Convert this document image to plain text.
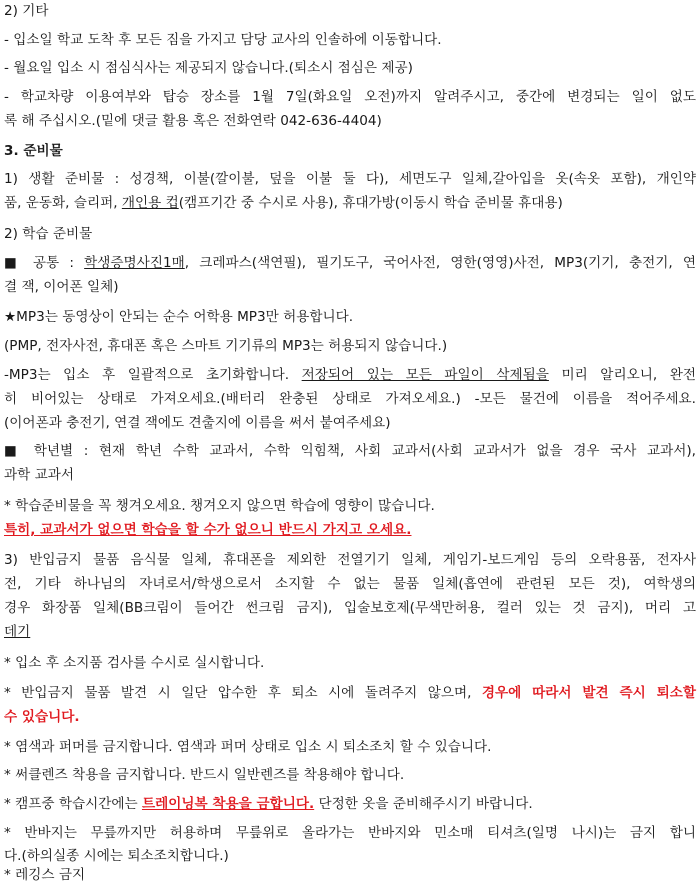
2) 기타
- 입소일 학교 도착 후 모든 짐을 가지고 담당 교사의 인솔하에 이동합니다.
- 월요일 입소 시 점심식사는 제공되지 않습니다.(퇴소시 점심은 제공)
- 학교차량 이용여부와 탑승 장소를 1월 7일(화요일 오전)까지 알려주시고, 중간에 변경되는 일이 없도
록 해 주십시오.(밑에 댓글 활용 혹은 전화연락 042-636-4404)
3. 준비물
1) 생활 준비물 : 성경책, 이불(깔이불, 덮을 이불 둘 다), 세면도구 일체,갈아입을 옷(속옷 포함), 개인약
품, 운동화, 슬리퍼, 개인용 컵(캠프기간 중 수시로 사용), 휴대가방(이동시 학습 준비물 휴대용)
2) 학습 준비물
■ 공통 : 학생증명사진1매, 크레파스(색연필), 필기도구, 국어사전, 영한(영영)사전, MP3(기기, 충전기, 연
결 잭, 이어폰 일체)
★MP3는 동영상이 안되는 순수 어학용 MP3만 허용합니다.
(PMP, 전자사전, 휴대폰 혹은 스마트 기기류의 MP3는 허용되지 않습니다.)
-MP3는 입소 후 일괄적으로 초기화합니다. 저장되어 있는 모든 파일이 삭제됨을 미리 알리오니, 완전
히 비어있는 상태로 가져오세요.(배터리 완충된 상태로 가져오세요.) -모든 물건에 이름을 적어주세요.
(이어폰과 충전기, 연결 잭에도 견출지에 이름을 써서 붙여주세요)
■ 학년별 : 현재 학년 수학 교과서, 수학 익힘책, 사회 교과서(사회 교과서가 없을 경우 국사 교과서),
과학 교과서
* 학습준비물을 꼭 챙겨오세요. 챙겨오지 않으면 학습에 영향이 많습니다.
특히, 교과서가 없으면 학습을 할 수가 없으니 반드시 가지고 오세요.
3) 반입금지 물품 음식물 일체, 휴대폰을 제외한 전열기기 일체, 게임기-보드게임 등의 오락용품, 전자사
전, 기타 하나님의 자녀로서/학생으로서 소지할 수 없는 물품 일체(흡연에 관련된 모든 것), 여학생의
경우 화장품 일체(BB크림이 들어간 썬크림 금지), 입술보호제(무색만허용, 컬러 있는 것 금지), 머리 고
데기
* 입소 후 소지품 검사를 수시로 실시합니다.
* 반입금지 물품 발견 시 일단 압수한 후 퇴소 시에 돌려주지 않으며, 경우에 따라서 발견 즉시 퇴소할
수 있습니다.
* 염색과 퍼머를 금지합니다. 염색과 퍼머 상태로 입소 시 퇴소조치 할 수 있습니다.
* 써클렌즈 착용을 금지합니다. 반드시 일반렌즈를 착용해야 합니다.
* 캠프중 학습시간에는 트레이닝복 착용을 금합니다. 단정한 옷을 준비해주시기 바랍니다.
* 반바지는 무릎까지만 허용하며 무릎위로 올라가는 반바지와 민소매 티셔츠(일명 나시)는 금지 합니
다.(하의실종 시에는 퇴소조치합니다.)
* 레깅스 금지
